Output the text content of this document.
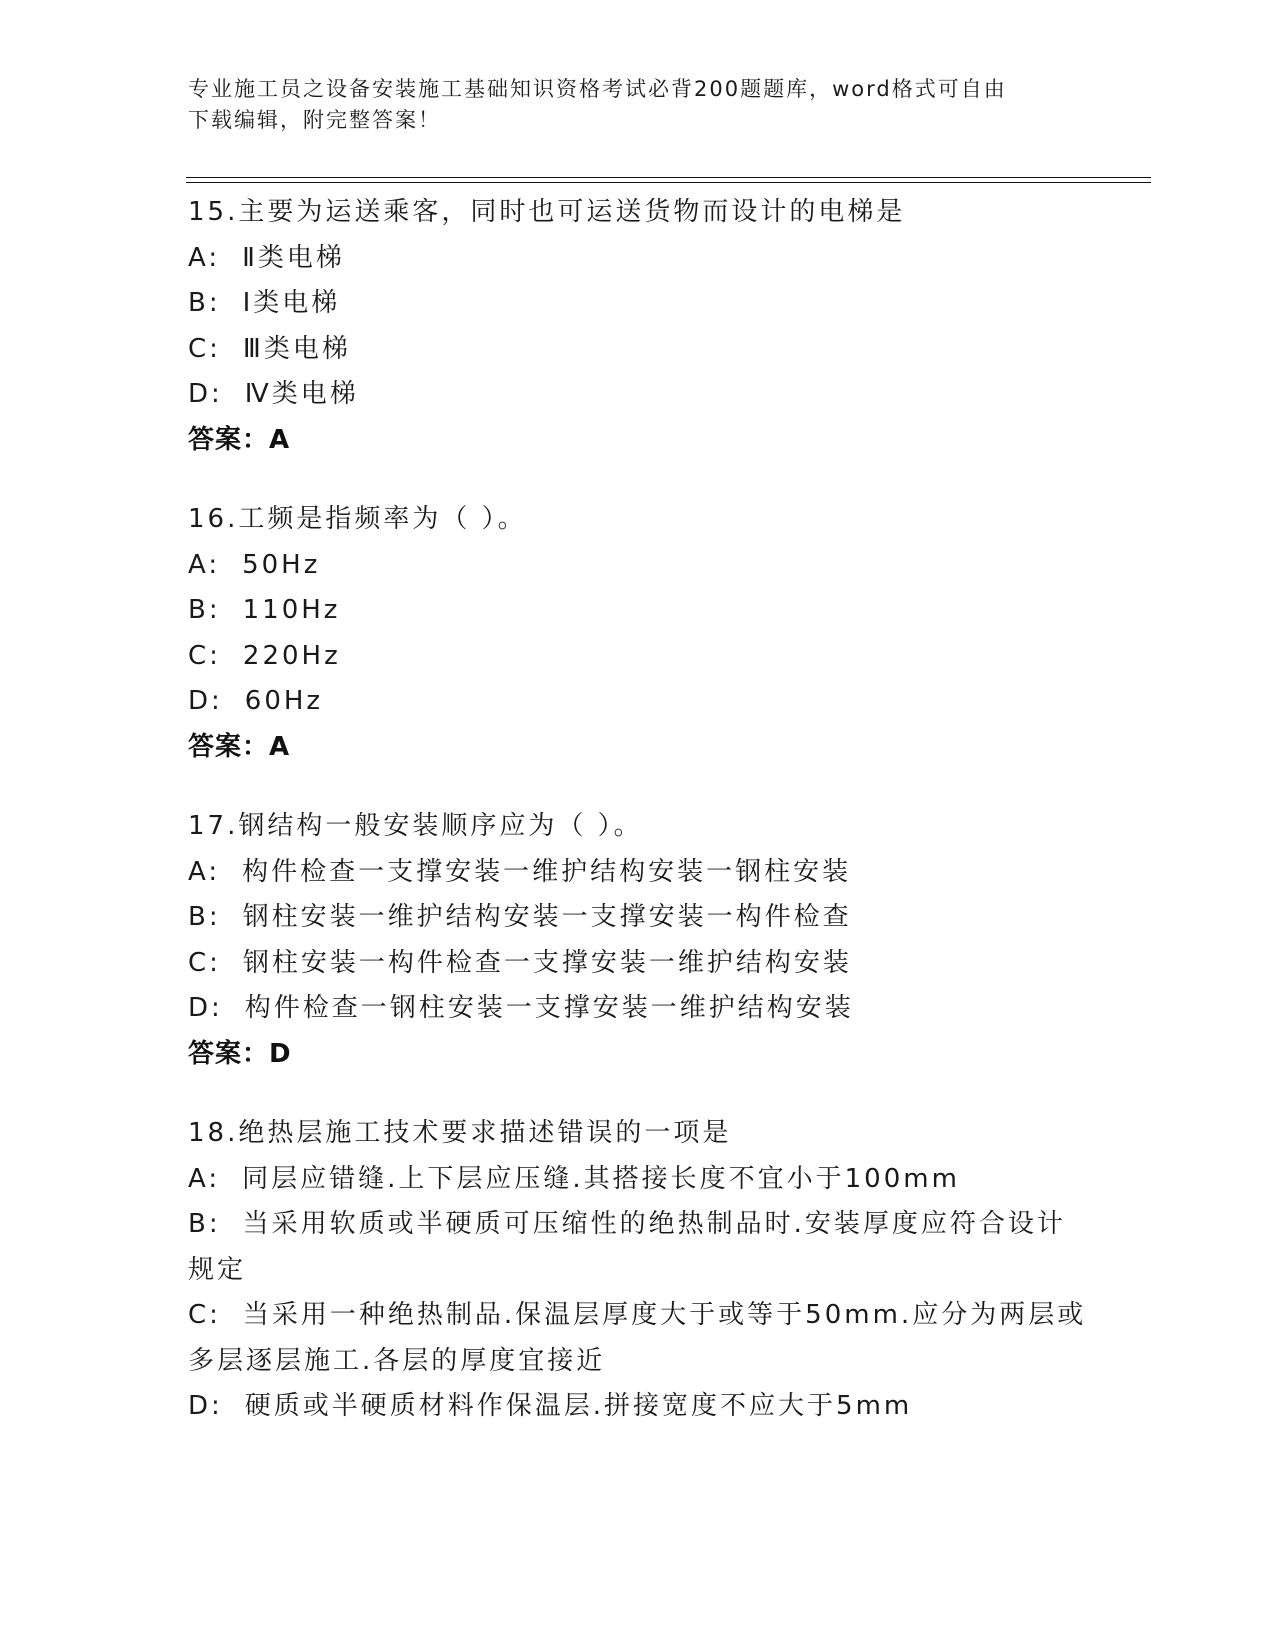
专业施工员之设备安装施工基础知识资格考试必背200题题库，word格式可自由
下载编辑，附完整答案！
15.主要为运送乘客，同时也可运送货物而设计的电梯是
A: Ⅱ类电梯
B: Ⅰ类电梯
C: Ⅲ类电梯
D: Ⅳ类电梯
答案：A
16.工频是指频率为（ ）。
A: 50Hz
B: 110Hz
C: 220Hz
D: 60Hz
答案：A
17.钢结构一般安装顺序应为（ ）。
A: 构件检查一支撑安装一维护结构安装一钢柱安装
B: 钢柱安装一维护结构安装一支撑安装一构件检查
C: 钢柱安装一构件检查一支撑安装一维护结构安装
D: 构件检查一钢柱安装一支撑安装一维护结构安装
答案：D
18.绝热层施工技术要求描述错误的一项是
A: 同层应错缝.上下层应压缝.其搭接长度不宜小于100mm
B: 当采用软质或半硬质可压缩性的绝热制品时.安装厚度应符合设计规定
C: 当采用一种绝热制品.保温层厚度大于或等于50mm.应分为两层或多层逐层施工.各层的厚度宜接近
D: 硬质或半硬质材料作保温层.拼接宽度不应大于5mm
